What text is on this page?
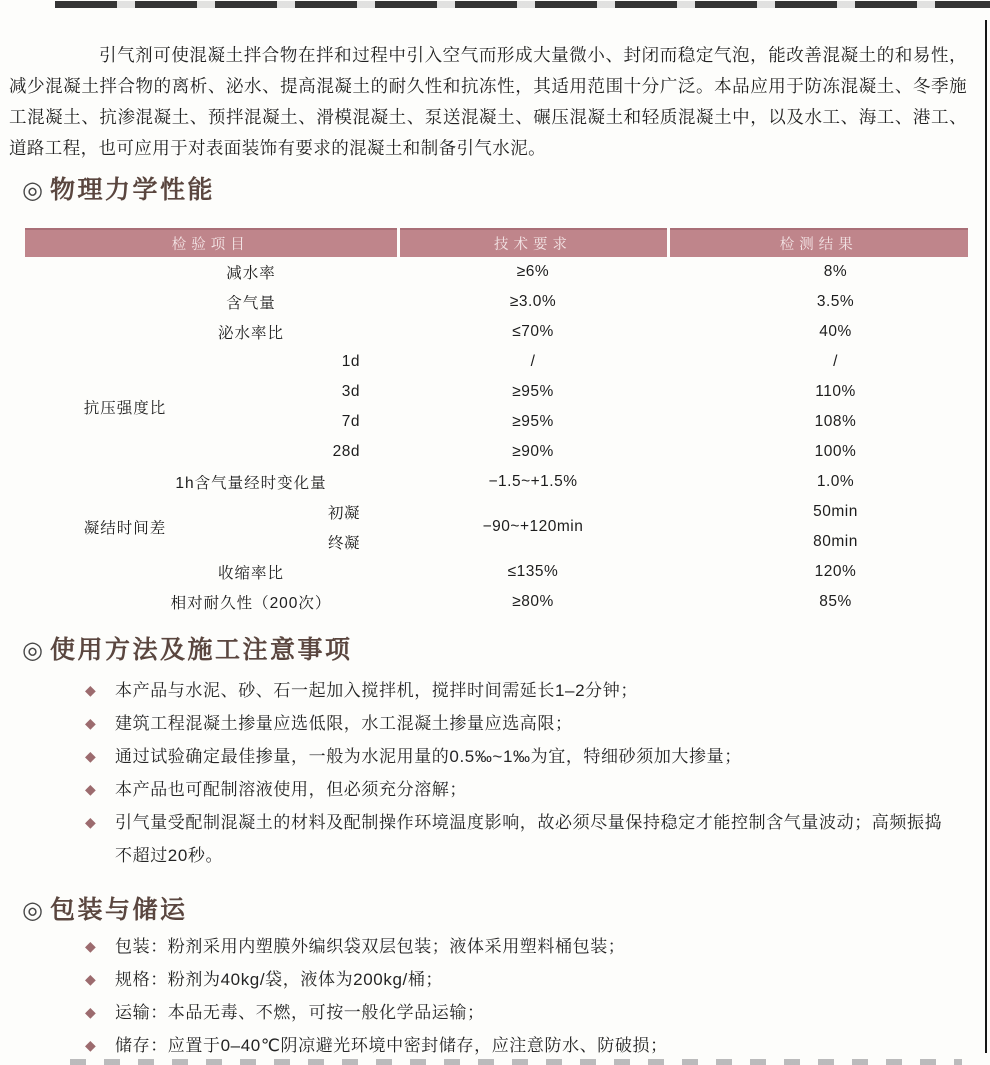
引气剂可使混凝土拌合物在拌和过程中引入空气而形成大量微小、封闭而稳定气泡，能改善混凝土的和易性，减少混凝土拌合物的离析、泌水、提高混凝土的耐久性和抗冻性，其适用范围十分广泛。本品应用于防冻混凝土、冬季施工混凝土、抗渗混凝土、预拌混凝土、滑模混凝土、泵送混凝土、碾压混凝土和轻质混凝土中，以及水工、海工、港工、道路工程，也可应用于对表面装饰有要求的混凝土和制备引气水泥。

◎ 物理力学性能
检验项目		技术要求	检测结果
减水率		≥6%	8%
含气量		≥3.0%	3.5%
泌水率比		≤70%	40%
抗压强度比	1d	/	/
	3d	≥95%	110%
	7d	≥95%	108%
	28d	≥90%	100%
1h含气量经时变化量		−1.5~+1.5%	1.0%
凝结时间差	初凝	−90~+120min	50min
	终凝		80min
收缩率比		≤135%	120%
相对耐久性（200次）		≥80%	85%
◎ 使用方法及施工注意事项
◆	本产品与水泥、砂、石一起加入搅拌机，搅拌时间需延长1–2分钟；
◆	建筑工程混凝土掺量应选低限，水工混凝土掺量应选高限；
◆	通过试验确定最佳掺量，一般为水泥用量的0.5‰~1‰为宜，特细砂须加大掺量；
◆	本产品也可配制溶液使用，但必须充分溶解；
◆	引气量受配制混凝土的材料及配制操作环境温度影响，故必须尽量保持稳定才能控制含气量波动；高频振捣不超过20秒。
◎ 包装与储运
◆	包装：粉剂采用内塑膜外编织袋双层包装；液体采用塑料桶包装；
◆	规格：粉剂为40kg/袋，液体为200kg/桶；
◆	运输：本品无毒、不燃，可按一般化学品运输；
◆	储存：应置于0–40℃阴凉避光环境中密封储存，应注意防水、防破损；
